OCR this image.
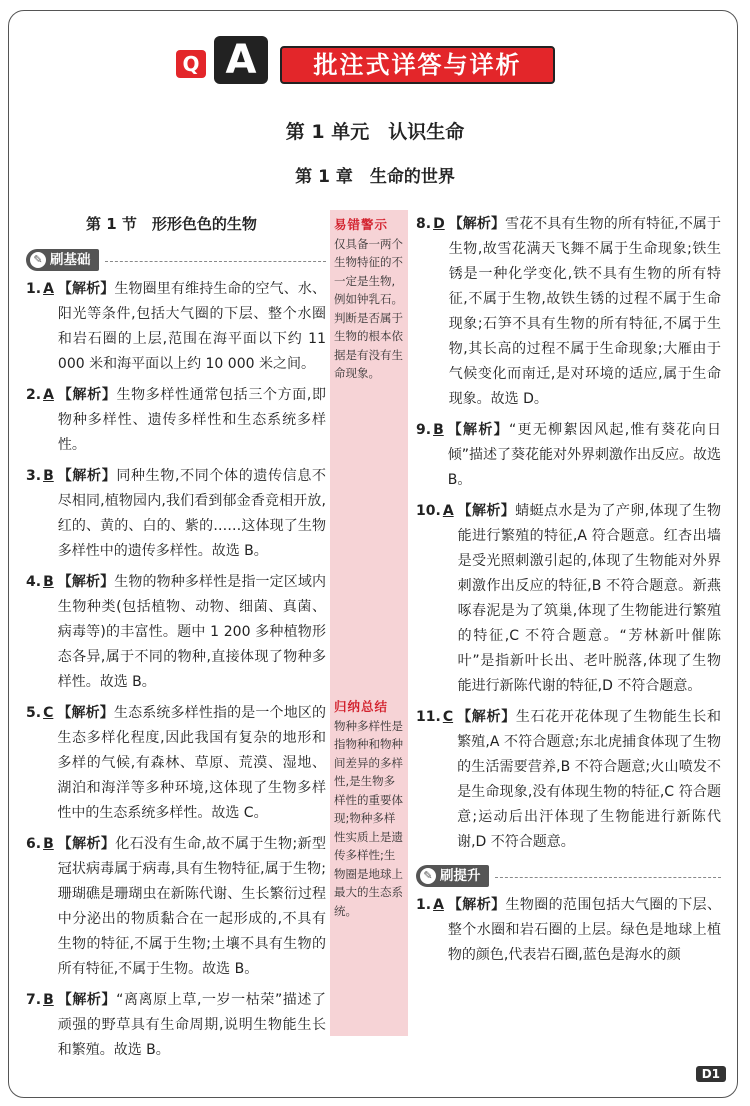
Q A	批注式详答与详析
第 1 单元　认识生命
第 1 章　生命的世界
易错警示
仅具备一两个生物特征的不一定是生物,例如钟乳石。判断是否属于生物的根本依据是有没有生命现象。
归纳总结
物种多样性是指物种和物种间差异的多样性,是生物多样性的重要体现;物种多样性实质上是遗传多样性;生物圈是地球上最大的生态系统。
第 1 节　形形色色的生物
✎ 刷基础
1. A 【解析】生物圈里有维持生命的空气、水、阳光等条件,包括大气圈的下层、整个水圈和岩石圈的上层,范围在海平面以下约 11 000 米和海平面以上约 10 000 米之间。
2. A 【解析】生物多样性通常包括三个方面,即物种多样性、遗传多样性和生态系统多样性。
3. B 【解析】同种生物,不同个体的遗传信息不尽相同,植物园内,我们看到郁金香竞相开放,红的、黄的、白的、紫的……这体现了生物多样性中的遗传多样性。故选 B。
4. B 【解析】生物的物种多样性是指一定区域内生物种类(包括植物、动物、细菌、真菌、病毒等)的丰富性。题中 1 200 多种植物形态各异,属于不同的物种,直接体现了物种多样性。故选 B。
5. C 【解析】生态系统多样性指的是一个地区的生态多样化程度,因此我国有复杂的地形和多样的气候,有森林、草原、荒漠、湿地、湖泊和海洋等多种环境,这体现了生物多样性中的生态系统多样性。故选 C。
6. B 【解析】化石没有生命,故不属于生物;新型冠状病毒属于病毒,具有生物特征,属于生物;珊瑚礁是珊瑚虫在新陈代谢、生长繁衍过程中分泌出的物质黏合在一起形成的,不具有生物的特征,不属于生物;土壤不具有生物的所有特征,不属于生物。故选 B。
7. B 【解析】“离离原上草,一岁一枯荣”描述了顽强的野草具有生命周期,说明生物能生长和繁殖。故选 B。
8. D 【解析】雪花不具有生物的所有特征,不属于生物,故雪花满天飞舞不属于生命现象;铁生锈是一种化学变化,铁不具有生物的所有特征,不属于生物,故铁生锈的过程不属于生命现象;石笋不具有生物的所有特征,不属于生物,其长高的过程不属于生命现象;大雁由于气候变化而南迁,是对环境的适应,属于生命现象。故选 D。
9. B 【解析】“更无柳絮因风起,惟有葵花向日倾”描述了葵花能对外界刺激作出反应。故选 B。
10. A 【解析】蜻蜓点水是为了产卵,体现了生物能进行繁殖的特征,A 符合题意。红杏出墙是受光照刺激引起的,体现了生物能对外界刺激作出反应的特征,B 不符合题意。新燕啄春泥是为了筑巢,体现了生物能进行繁殖的特征,C 不符合题意。“芳林新叶催陈叶”是指新叶长出、老叶脱落,体现了生物能进行新陈代谢的特征,D 不符合题意。
11. C 【解析】生石花开花体现了生物能生长和繁殖,A 不符合题意;东北虎捕食体现了生物的生活需要营养,B 不符合题意;火山喷发不是生命现象,没有体现生物的特征,C 符合题意;运动后出汗体现了生物能进行新陈代谢,D 不符合题意。
✎ 刷提升
1. A 【解析】生物圈的范围包括大气圈的下层、整个水圈和岩石圈的上层。绿色是地球上植物的颜色,代表岩石圈,蓝色是海水的颜
D1
